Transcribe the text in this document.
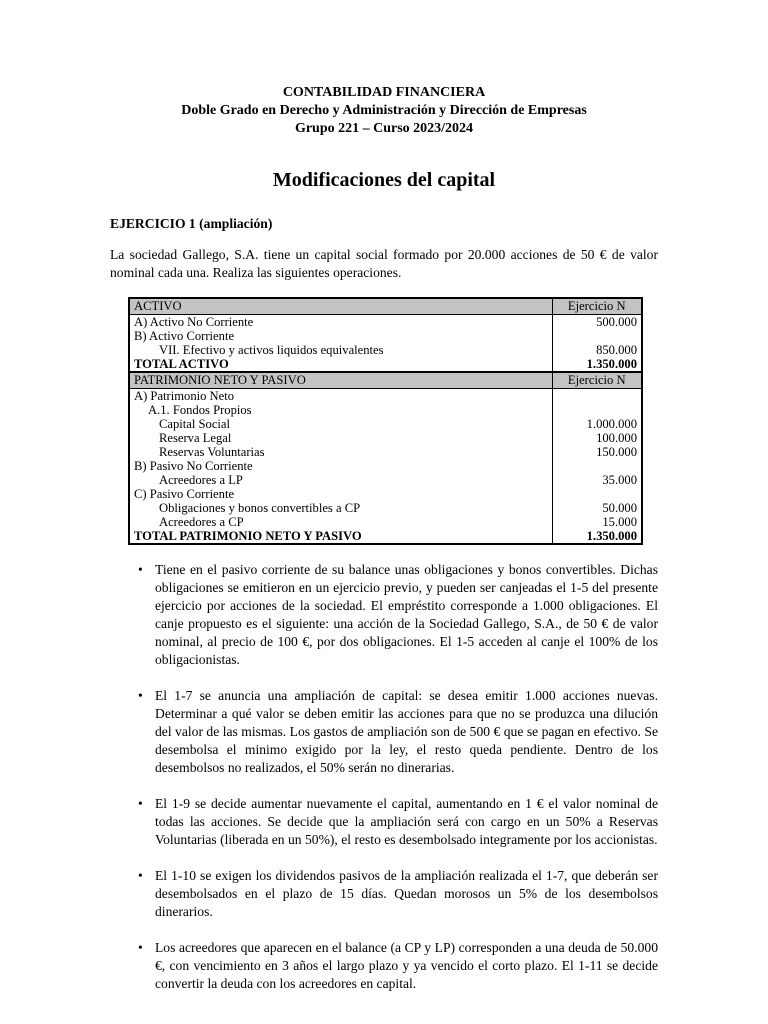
CONTABILIDAD FINANCIERA
Doble Grado en Derecho y Administración y Dirección de Empresas
Grupo 221 – Curso 2023/2024
Modificaciones del capital
EJERCICIO 1 (ampliación)

La sociedad Gallego, S.A. tiene un capital social formado por 20.000 acciones de 50 € de valor nominal cada una. Realiza las siguientes operaciones.

ACTIVO	Ejercicio N
A) Activo No Corriente	500.000
B) Activo Corriente	
VII. Efectivo y activos liquidos equivalentes	850.000
TOTAL ACTIVO	1.350.000
PATRIMONIO NETO Y PASIVO	Ejercicio N
A) Patrimonio Neto	
A.1. Fondos Propios	
Capital Social	1.000.000
Reserva Legal	100.000
Reservas Voluntarias	150.000
B) Pasivo No Corriente	
Acreedores a LP	35.000
C) Pasivo Corriente	
Obligaciones y bonos convertibles a CP	50.000
Acreedores a CP	15.000
TOTAL PATRIMONIO NETO Y PASIVO	1.350.000
• Tiene en el pasivo corriente de su balance unas obligaciones y bonos convertibles. Dichas obligaciones se emitieron en un ejercicio previo, y pueden ser canjeadas el 1-5 del presente ejercicio por acciones de la sociedad. El empréstito corresponde a 1.000 obligaciones. El canje propuesto es el siguiente: una acción de la Sociedad Gallego, S.A., de 50 € de valor nominal, al precio de 100 €, por dos obligaciones. El 1-5 acceden al canje el 100% de los obligacionistas.
• El 1-7 se anuncia una ampliación de capital: se desea emitir 1.000 acciones nuevas. Determinar a qué valor se deben emitir las acciones para que no se produzca una dilución del valor de las mismas. Los gastos de ampliación son de 500 € que se pagan en efectivo. Se desembolsa el minimo exigido por la ley, el resto queda pendiente. Dentro de los desembolsos no realizados, el 50% serán no dinerarias.
• El 1-9 se decide aumentar nuevamente el capital, aumentando en 1 € el valor nominal de todas las acciones. Se decide que la ampliación será con cargo en un 50% a Reservas Voluntarias (liberada en un 50%), el resto es desembolsado integramente por los accionistas.
• El 1-10 se exigen los dividendos pasivos de la ampliación realizada el 1-7, que deberán ser desembolsados en el plazo de 15 días. Quedan morosos un 5% de los desembolsos dinerarios.
• Los acreedores que aparecen en el balance (a CP y LP) corresponden a una deuda de 50.000 €, con vencimiento en 3 años el largo plazo y ya vencido el corto plazo. El 1-11 se decide convertir la deuda con los acreedores en capital.
